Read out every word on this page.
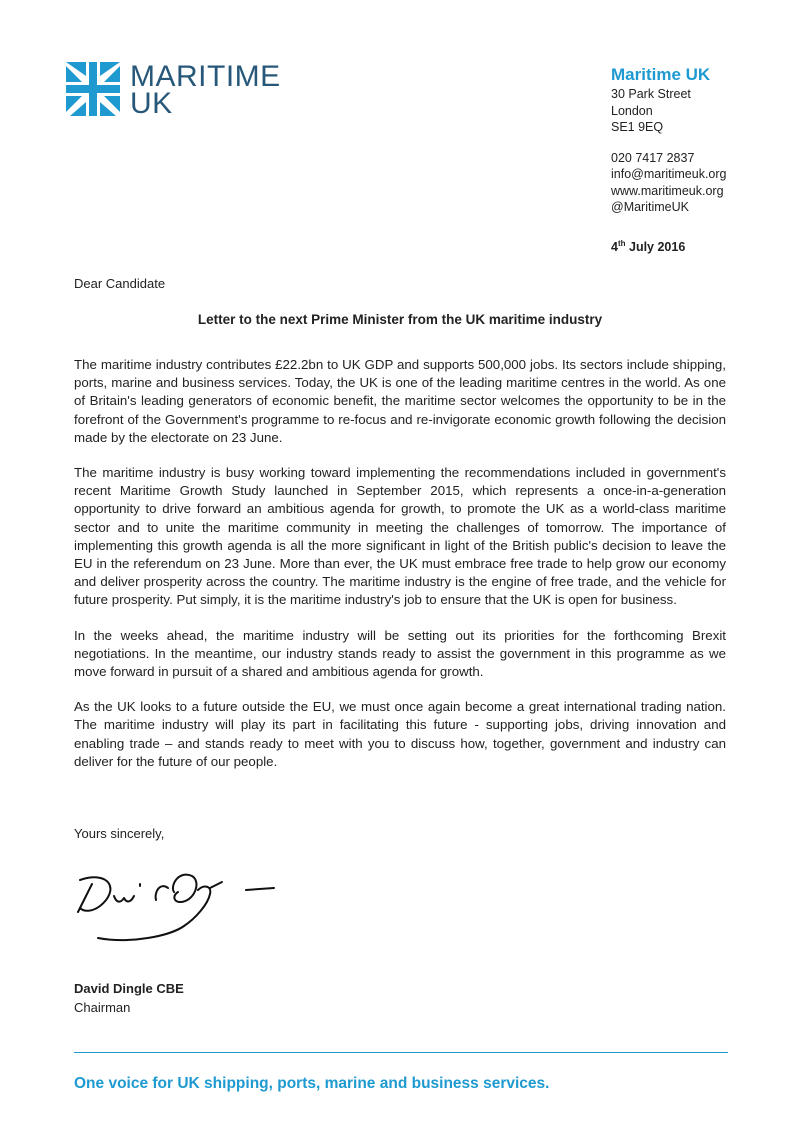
MARITIME
UK
Maritime UK
30 Park Street
London
SE1 9EQ
020 7417 2837
info@maritimeuk.org
www.maritimeuk.org
@MaritimeUK
4th July 2016
Dear Candidate
Letter to the next Prime Minister from the UK maritime industry

The maritime industry contributes £22.2bn to UK GDP and supports 500,000 jobs. Its sectors include shipping, ports, marine and business services. Today, the UK is one of the leading maritime centres in the world. As one of Britain's leading generators of economic benefit, the maritime sector welcomes the opportunity to be in the forefront of the Government's programme to re-focus and re-invigorate economic growth following the decision made by the electorate on 23 June.

The maritime industry is busy working toward implementing the recommendations included in government's recent Maritime Growth Study launched in September 2015, which represents a once-in-a-generation opportunity to drive forward an ambitious agenda for growth, to promote the UK as a world-class maritime sector and to unite the maritime community in meeting the challenges of tomorrow. The importance of implementing this growth agenda is all the more significant in light of the British public's decision to leave the EU in the referendum on 23 June. More than ever, the UK must embrace free trade to help grow our economy and deliver prosperity across the country. The maritime industry is the engine of free trade, and the vehicle for future prosperity. Put simply, it is the maritime industry's job to ensure that the UK is open for business.

In the weeks ahead, the maritime industry will be setting out its priorities for the forthcoming Brexit negotiations. In the meantime, our industry stands ready to assist the government in this programme as we move forward in pursuit of a shared and ambitious agenda for growth.

As the UK looks to a future outside the EU, we must once again become a great international trading nation. The maritime industry will play its part in facilitating this future - supporting jobs, driving innovation and enabling trade – and stands ready to meet with you to discuss how, together, government and industry can deliver for the future of our people.

Yours sincerely,
David Dingle CBE
Chairman
One voice for UK shipping, ports, marine and business services.
